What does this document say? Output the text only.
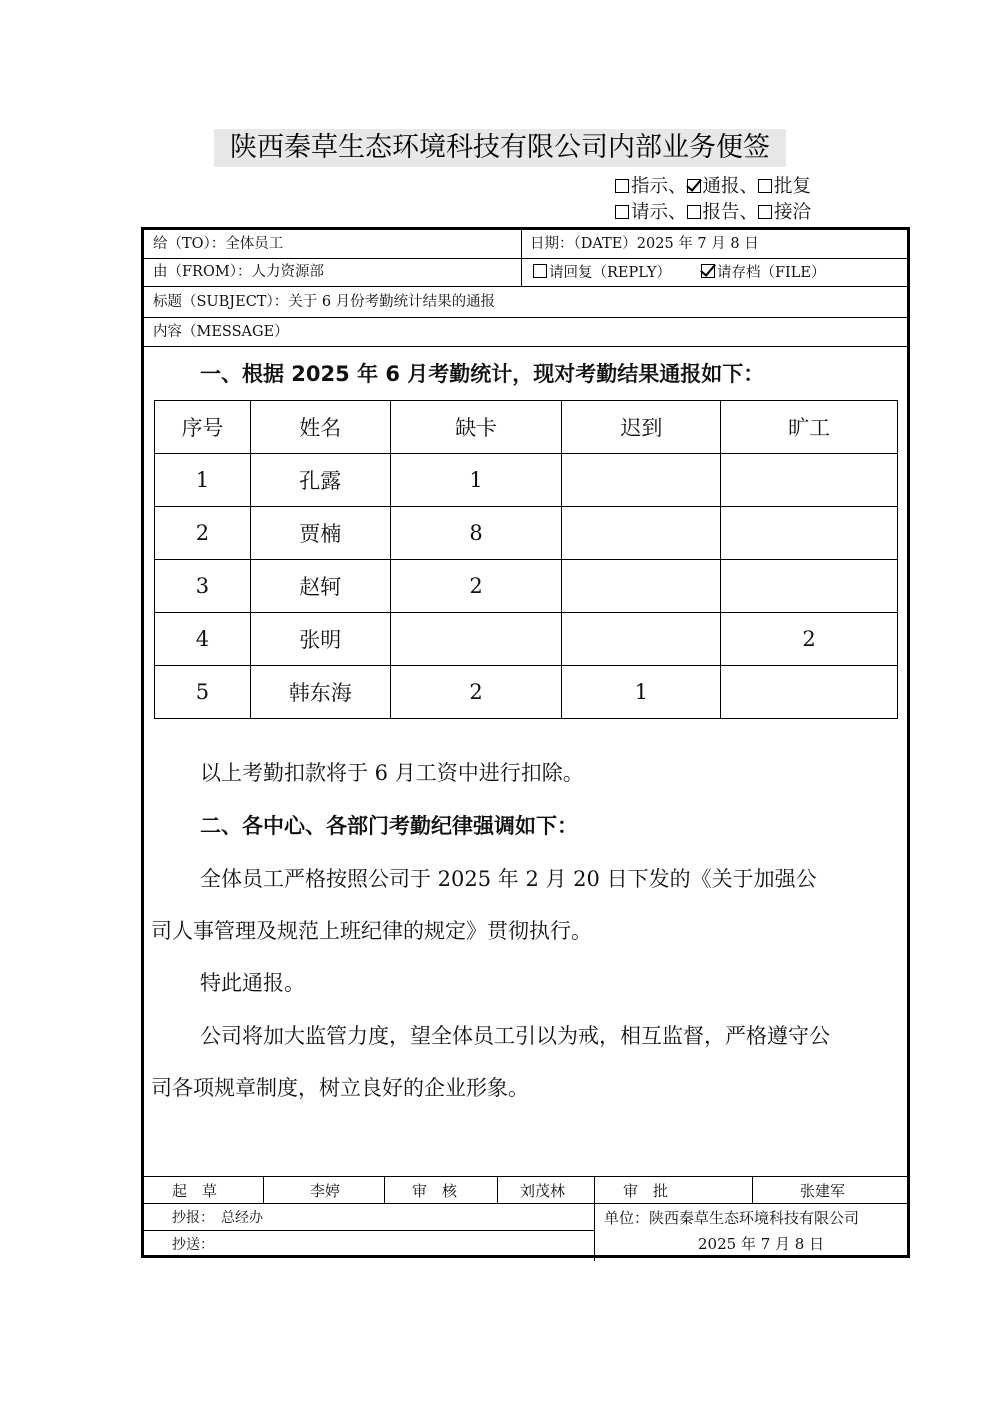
陕西秦草生态环境科技有限公司内部业务便签
指示、 通报、 批复
请示、 报告、 接洽
给（TO）：全体员工	日期：（DATE）2025 年 7 月 8 日
由（FROM）：人力资源部	请回复（REPLY）	请存档（FILE）
标题（SUBJECT）：关于 6 月份考勤统计结果的通报
内容（MESSAGE）
一、根据 2025 年 6 月考勤统计，现对考勤结果通报如下：
序号	姓名	缺卡	迟到	旷工
1	孔露	1		
2	贾楠	8		
3	赵轲	2		
4	张明			2
5	韩东海	2	1	
以上考勤扣款将于 6 月工资中进行扣除。
二、各中心、各部门考勤纪律强调如下：
全体员工严格按照公司于 2025 年 2 月 20 日下发的《关于加强公
司人事管理及规范上班纪律的规定》贯彻执行。
特此通报。
公司将加大监管力度，望全体员工引以为戒，相互监督，严格遵守公
司各项规章制度，树立良好的企业形象。
起　草	李婷	审　核	刘茂林	审　批	张建军
抄报：　总经办
抄送：
单位：陕西秦草生态环境科技有限公司
2025 年 7 月 8 日
